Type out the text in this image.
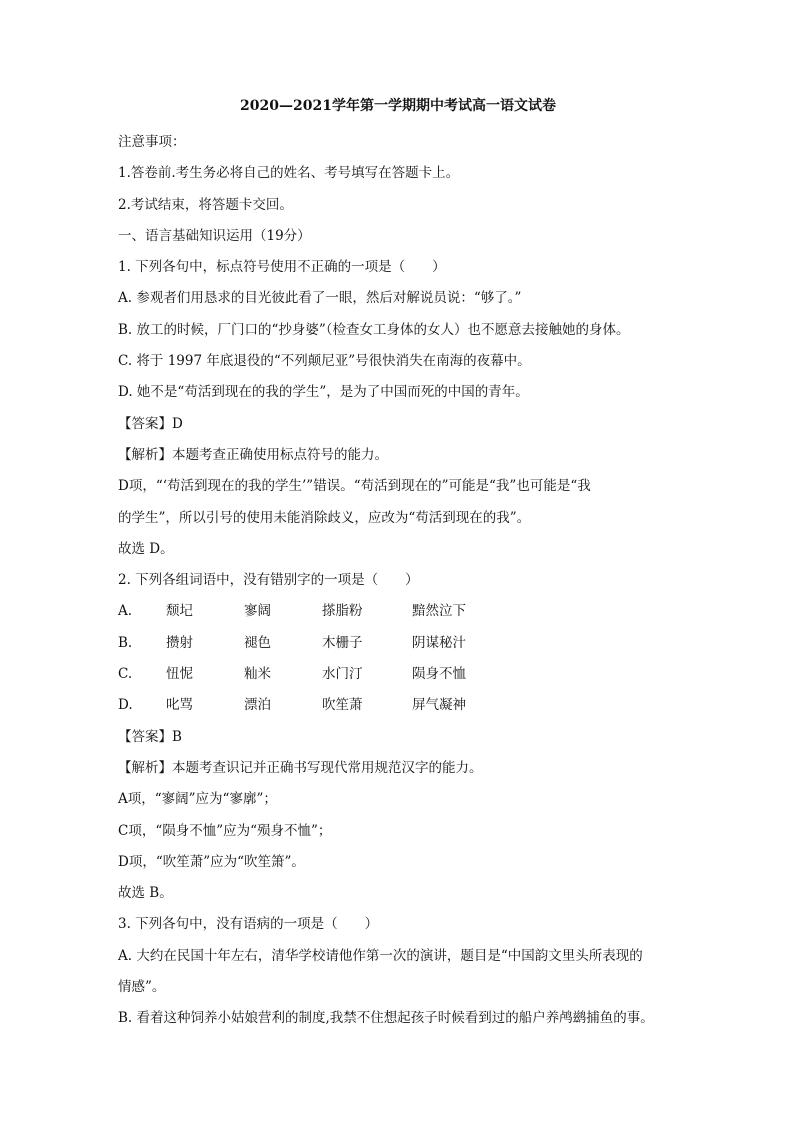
2020—2021学年第一学期期中考试高一语文试卷
注意事项：
1.答卷前.考生务必将自己的姓名、考号填写在答题卡上。
2.考试结束，将答题卡交回。
一、语言基础知识运用（19分）
1. 下列各句中，标点符号使用不正确的一项是（　　）
A. 参观者们用恳求的目光彼此看了一眼，然后对解说员说：“够了。”
B. 放工的时候，厂门口的“抄身婆”（检查女工身体的女人）也不愿意去接触她的身体。
C. 将于 1997 年底退役的“不列颠尼亚”号很快消失在南海的夜幕中。
D. 她不是“苟活到现在的我的学生”，是为了中国而死的中国的青年。
【答案】D
【解析】本题考查正确使用标点符号的能力。
D项，“‘苟活到现在的我的学生’”错误。“苟活到现在的”可能是“我”也可能是“我
的学生”，所以引号的使用未能消除歧义，应改为“苟活到现在的我”。
故选 D。
2. 下列各组词语中，没有错别字的一项是（　　）
A.	颓圮	寥阔	搽脂粉	黯然泣下
B.	攒射	褪色	木栅子	阴谋秘汁
C.	忸怩	籼米	水门汀	陨身不恤
D.	叱骂	漂泊	吹笙萧	屏气凝神
【答案】B
【解析】本题考查识记并正确书写现代常用规范汉字的能力。
A项，“寥阔”应为“寥廓”；
C项，“陨身不恤”应为“殒身不恤”；
D项，“吹笙萧”应为“吹笙箫”。
故选 B。
3. 下列各句中，没有语病的一项是（　　）
A. 大约在民国十年左右，清华学校请他作第一次的演讲，题目是“中国韵文里头所表现的
情感”。
B. 看着这种饲养小姑娘营利的制度,我禁不住想起孩子时候看到过的船户养鸬鹚捕鱼的事。
